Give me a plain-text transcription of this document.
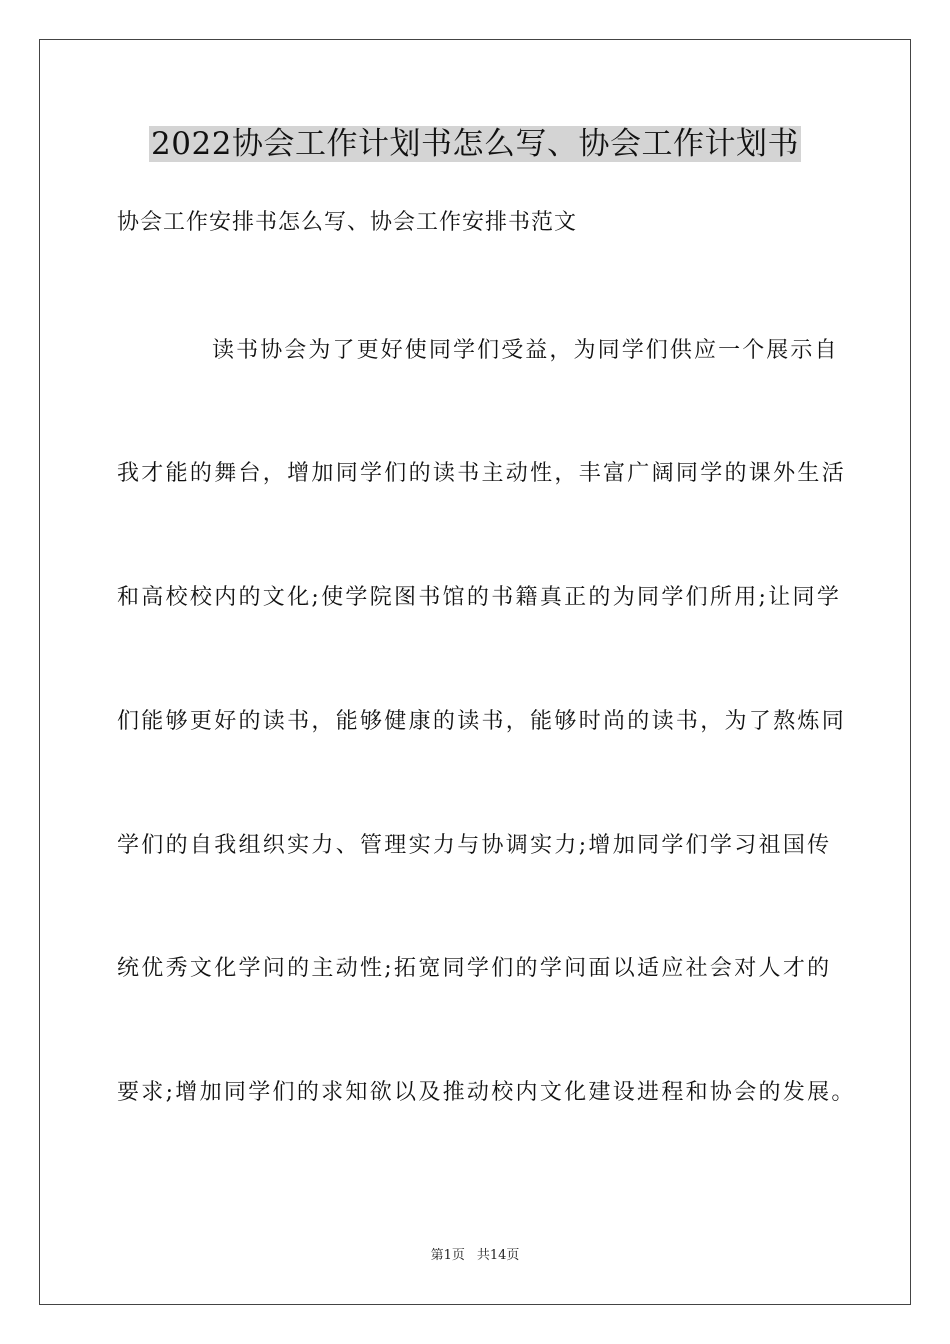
2022协会工作计划书怎么写、协会工作计划书
协会工作安排书怎么写、协会工作安排书范文
读书协会为了更好使同学们受益，为同学们供应一个展示自
我才能的舞台，增加同学们的读书主动性，丰富广阔同学的课外生活
和高校校内的文化;使学院图书馆的书籍真正的为同学们所用;让同学
们能够更好的读书，能够健康的读书，能够时尚的读书，为了熬炼同
学们的自我组织实力、管理实力与协调实力;增加同学们学习祖国传
统优秀文化学问的主动性;拓宽同学们的学问面以适应社会对人才的
要求;增加同学们的求知欲以及推动校内文化建设进程和协会的发展。
第1页 共14页
